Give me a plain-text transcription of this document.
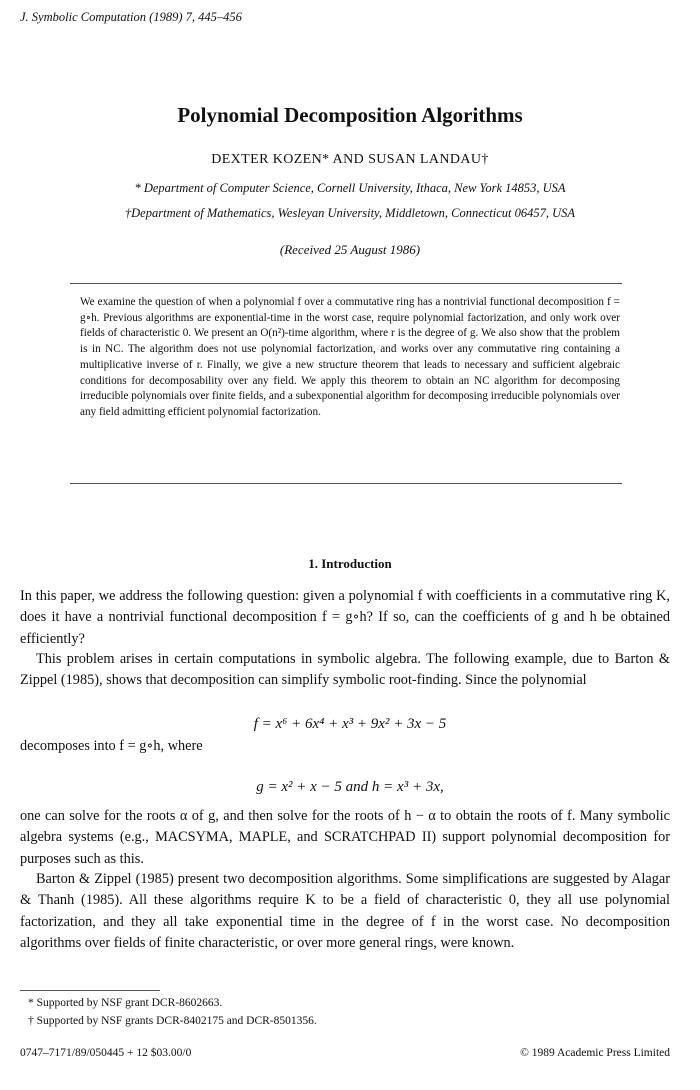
J. Symbolic Computation (1989) 7, 445–456
Polynomial Decomposition Algorithms
DEXTER KOZEN* AND SUSAN LANDAU†
* Department of Computer Science, Cornell University, Ithaca, New York 14853, USA
†Department of Mathematics, Wesleyan University, Middletown, Connecticut 06457, USA
(Received 25 August 1986)

We examine the question of when a polynomial f over a commutative ring has a nontrivial functional decomposition f = g∘h. Previous algorithms are exponential-time in the worst case, require polynomial factorization, and only work over fields of characteristic 0. We present an O(n²)-time algorithm, where r is the degree of g. We also show that the problem is in NC. The algorithm does not use polynomial factorization, and works over any commutative ring containing a multiplicative inverse of r. Finally, we give a new structure theorem that leads to necessary and sufficient algebraic conditions for decomposability over any field. We apply this theorem to obtain an NC algorithm for decomposing irreducible polynomials over finite fields, and a subexponential algorithm for decomposing irreducible polynomials over any field admitting efficient polynomial factorization.

1. Introduction

In this paper, we address the following question: given a polynomial f with coefficients in a commutative ring K, does it have a nontrivial functional decomposition f = g∘h? If so, can the coefficients of g and h be obtained efficiently?

This problem arises in certain computations in symbolic algebra. The following example, due to Barton & Zippel (1985), shows that decomposition can simplify symbolic root-finding. Since the polynomial

f = x⁶ + 6x⁴ + x³ + 9x² + 3x − 5

decomposes into f = g∘h, where

g = x² + x − 5 and h = x³ + 3x,

one can solve for the roots α of g, and then solve for the roots of h − α to obtain the roots of f. Many symbolic algebra systems (e.g., MACSYMA, MAPLE, and SCRATCHPAD II) support polynomial decomposition for purposes such as this.

Barton & Zippel (1985) present two decomposition algorithms. Some simplifications are suggested by Alagar & Thanh (1985). All these algorithms require K to be a field of characteristic 0, they all use polynomial factorization, and they all take exponential time in the degree of f in the worst case. No decomposition algorithms over fields of finite characteristic, or over more general rings, were known.

* Supported by NSF grant DCR-8602663.
† Supported by NSF grants DCR-8402175 and DCR-8501356.
0747–7171/89/050445 + 12 $03.00/0	© 1989 Academic Press Limited
